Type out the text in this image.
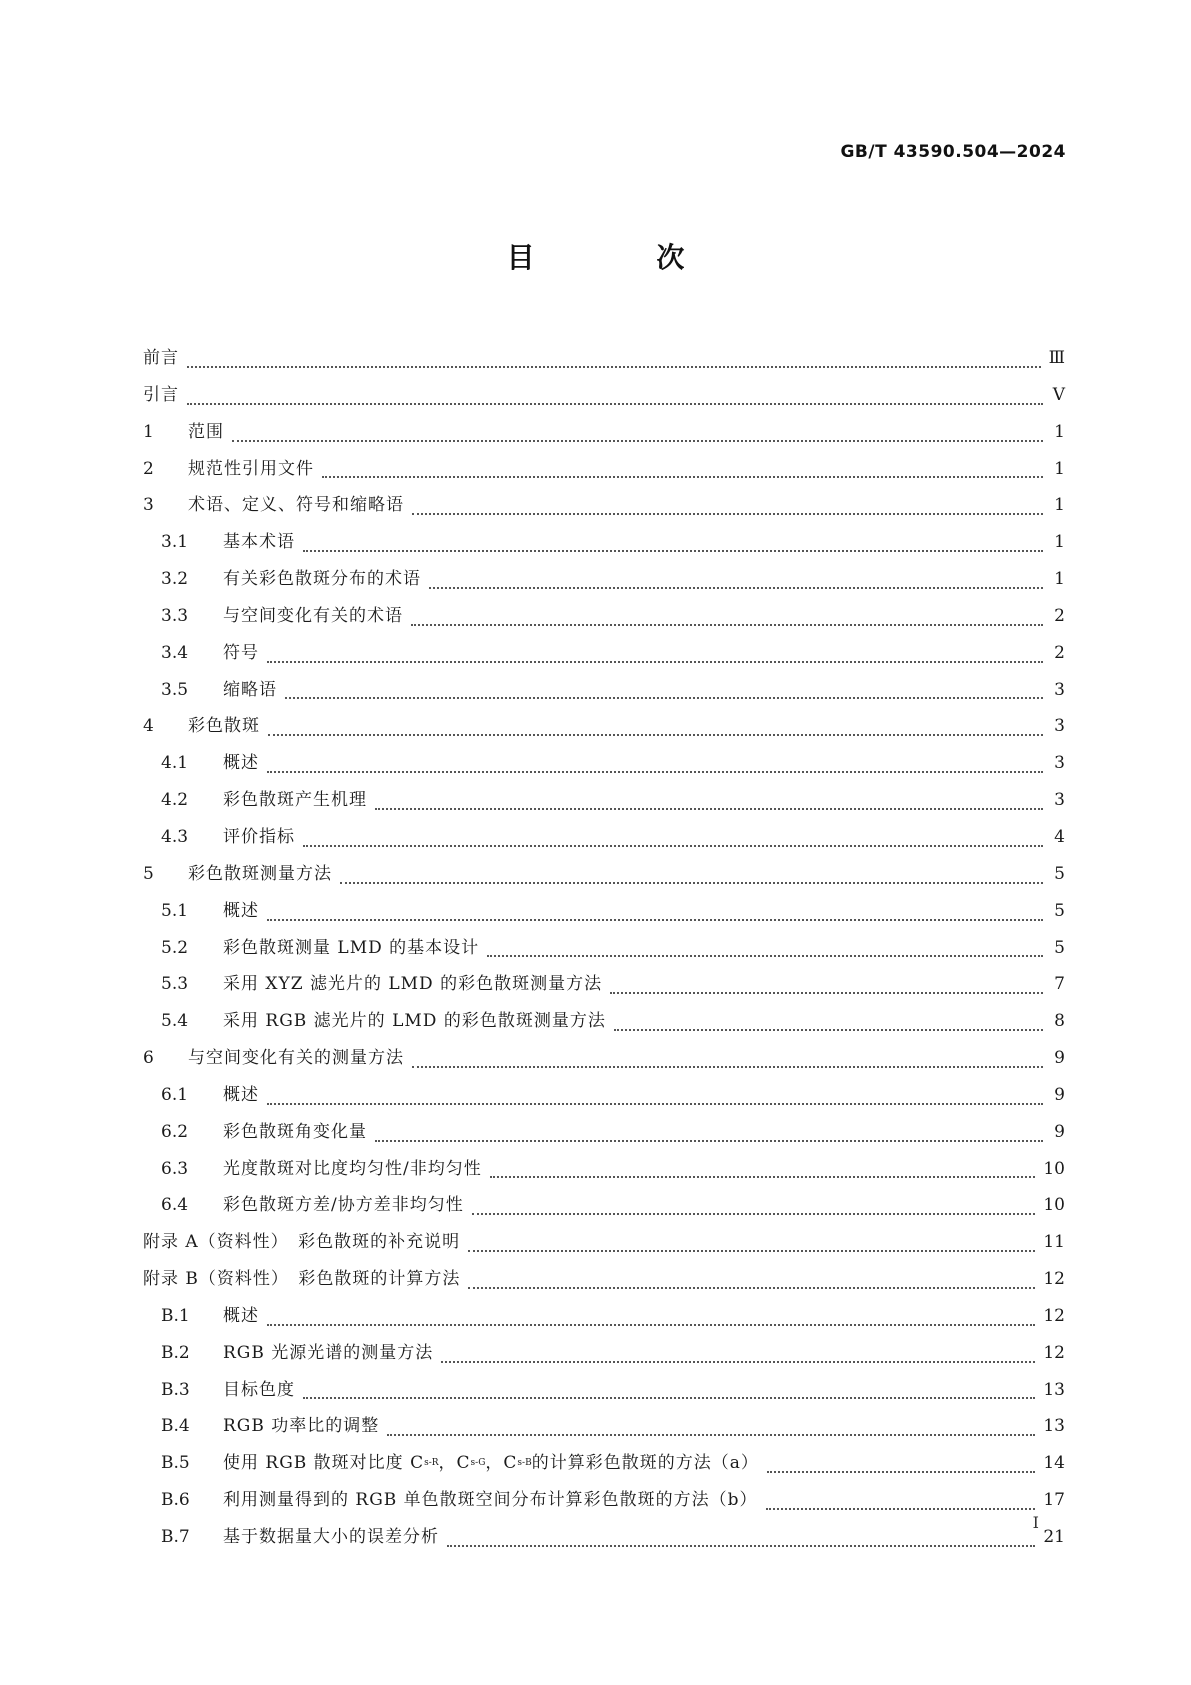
GB/T 43590.504—2024
目 次
前言	Ⅲ
引言	Ⅴ
1	范围	1
2	规范性引用文件	1
3	术语、定义、符号和缩略语	1
3.1	基本术语	1
3.2	有关彩色散斑分布的术语	1
3.3	与空间变化有关的术语	2
3.4	符号	2
3.5	缩略语	3
4	彩色散斑	3
4.1	概述	3
4.2	彩色散斑产生机理	3
4.3	评价指标	4
5	彩色散斑测量方法	5
5.1	概述	5
5.2	彩色散斑测量 LMD 的基本设计	5
5.3	采用 XYZ 滤光片的 LMD 的彩色散斑测量方法	7
5.4	采用 RGB 滤光片的 LMD 的彩色散斑测量方法	8
6	与空间变化有关的测量方法	9
6.1	概述	9
6.2	彩色散斑角变化量	9
6.3	光度散斑对比度均匀性/非均匀性	10
6.4	彩色散斑方差/协方差非均匀性	10
附录 A（资料性）　彩色散斑的补充说明	11
附录 B（资料性）　彩色散斑的计算方法	12
B.1	概述	12
B.2	RGB 光源光谱的测量方法	12
B.3	目标色度	13
B.4	RGB 功率比的调整	13
B.5	使用 RGB 散斑对比度 C s-R ，C s-G ，C s-B 的计算彩色散斑的方法（a）	14
B.6	利用测量得到的 RGB 单色散斑空间分布计算彩色散斑的方法（b）	17
B.7	基于数据量大小的误差分析	21
Ⅰ
